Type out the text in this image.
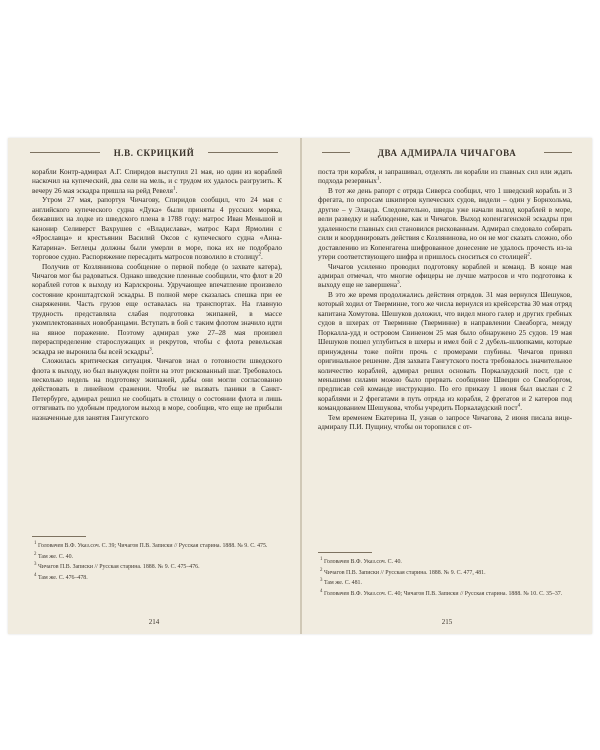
Н.В. СКРИЦКИЙ

корабли Контр-адмирал А.Г. Спиридов выступил 21 мая, но один из кораблей наскочил на купеческий, два сели на мель, и с трудом их удалось разгрузить. К вечеру 26 мая эскадра пришла на рейд Ревеля$^1$.

Утром 27 мая, рапортуя Чичагову, Спиридов сообщил, что 24 мая с английского купеческого судна «Дука» были приняты 4 русских моряка, бежавших на лодке из шведского плена в 1788 году: матрос Иван Меньшой и канонир Селиверст Вахрушев с «Владислава», матрос Карл Ярмолин с «Ярославца» и крестьянин Василий Оксов с купеческого судна «Анна-Катарина». Беглецы должны были умерли в море, пока их не подобрало торговое судно. Распоряжение пересадить матросов позволило в столицу$^2$.

Получив от Козлянинова сообщение о первой победе (о захвате катера), Чичагов мог бы радоваться. Однако шведские пленные сообщили, что флот в 20 кораблей готов к выходу из Карлскроны. Удручающее впечатление произвело состояние кронштадтской эскадры. В полной мере сказалась спешка при ее снаряжении. Часть грузов еще оставалась на транспортах. На главную трудность представляла слабая подготовка экипажей, в массе укомплектованных новобранцами. Вступать в бой с таким флотом значило идти на явное поражение. Поэтому адмирал уже 27–28 мая произвел перераспределение старослужащих и рекрутов, чтобы с флота ревельская эскадра не выронила бы всей эскадры$^3$.

Сложилась критическая ситуация. Чичагов знал о готовности шведского флота к выходу, но был вынужден пойти на этот рискованный шаг. Требовалось несколько недель на подготовку экипажей, дабы они могли согласованно действовать в линейном сражении. Чтобы не вызвать паники в Санкт-Петербурге, адмирал решил не сообщать в столицу о состоянии флота и лишь оттягивать по удобным предлогом выход в море, сообщив, что еще не прибыли назначенные для занятия Гангутского

$^1$ Головачев В.Ф. Указ.соч. С. 39; Чичагов П.В. Записки // Русская старина. 1888. № 9. С. 475.
$^2$ Там же. С. 40.
$^3$ Чичагов П.В. Записки // Русская старина. 1888. № 9. С. 475–476.
$^4$ Там же. С. 476–478.
214
ДВА АДМИРАЛА ЧИЧАГОВА

поста три корабля, и запрашивал, отделять ли корабли из главных сил или ждать подхода резервных$^1$.

В тот же день рапорт с отряда Сиверса сообщил, что 1 шведский корабль и 3 фрегата, по опросам шкиперов купеческих судов, видели – один у Борнхольма, другие – у Эланда. Следовательно, шведы уже начали выход кораблей в море, вели разведку и наблюдение, как и Чичагов. Выход копенгагенской эскадры при удаленности главных сил становился рискованным. Адмирал следовало собирать сили и координировать действия с Козлянинова, но он не мог сказать сложно, обо доставлению из Копенгагена шифрованное донесение не удалось прочесть из-за утери соответствующего шифра и пришлось сноситься со столицей$^2$.

Чичагов усиленно проводил подготовку кораблей и команд. В конце мая адмирал отмечал, что многие офицеры не лучше матросов и что подготовка к выходу еще не завершена$^3$.

В это же время продолжались действия отрядов. 31 мая вернулся Шешуков, который ходил от Тверминне, того же числа вернулся из крейсерства 30 мая отряд капитана Хомутова. Шешуков доложил, что видел много галер и других гребных судов в шхерах от Тверминне (Тверминне) в направлении Свеаборга, между Поркалла-удд и островом Свиненом 25 мая было обнаружено 25 судов. 19 мая Шешуков пошел углубиться в шхеры и имел бой с 2 дубель-шлюпками, которые принуждены тоже пойти прочь с промерами глубины. Чичагов принял оригинальное решение. Для захвата Гангутского поста требовалось значительное количество кораблей, адмирал решил основать Поркалаудский пост, где с меньшими силами можно было прервать сообщение Швеции со Свеаборгом, предписав сей команде инструкцию. По его приказу 1 июня был выслан с 2 кораблями и 2 фрегатами в путь отряда из корабля, 2 фрегатов и 2 катеров под командованием Шешукова, чтобы учредить Поркалаудский пост$^4$.

Тем временем Екатерина II, узнав о запросе Чичагова, 2 июня писала вице-адмиралу П.И. Пущину, чтобы он торопился с от-

$^1$ Головачев В.Ф. Указ.соч. С. 40.
$^2$ Чичагов П.В. Записки // Русская старина. 1888. № 9. С. 477, 481.
$^3$ Там же. С. 481.
$^4$ Головачев В.Ф. Указ.соч. С. 40; Чичагов П.В. Записки // Русская старина. 1888. № 10. С. 35–37.
215
